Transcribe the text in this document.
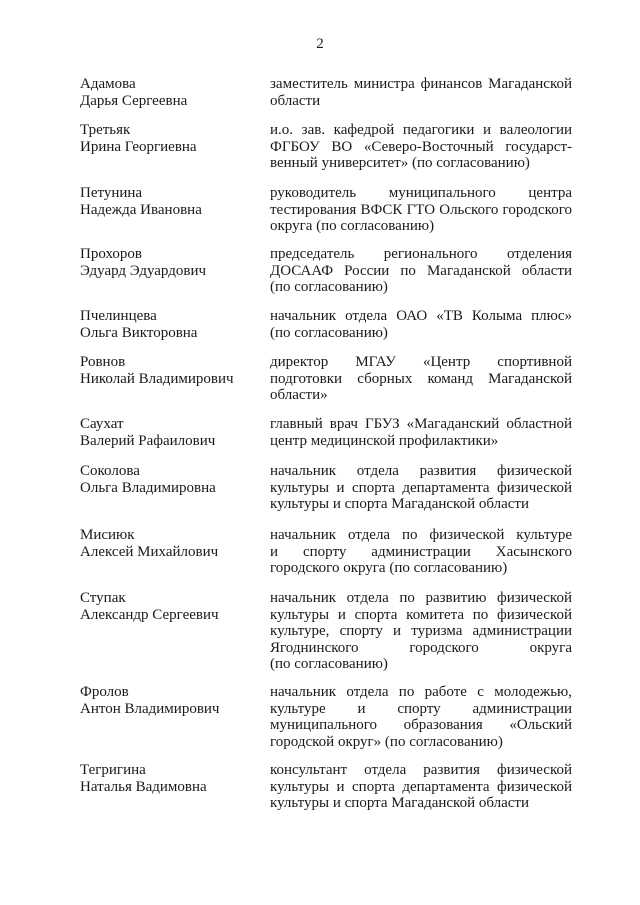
2
Адамова
Дарья Сергеевна
заместитель министра финансов Магаданской
области
Третьяк
Ирина Георгиевна
и.о. зав. кафедрой педагогики и валеологии
ФГБОУ ВО «Северо-Восточный государст-
венный университет» (по согласованию)
Петунина
Надежда Ивановна
руководитель муниципального центра
тестирования ВФСК ГТО Ольского городского
округа (по согласованию)
Прохоров
Эдуард Эдуардович
председатель регионального отделения
ДОСААФ России по Магаданской области
(по согласованию)
Пчелинцева
Ольга Викторовна
начальник отдела ОАО «ТВ Колыма плюс»
(по согласованию)
Ровнов
Николай Владимирович
директор МГАУ «Центр спортивной
подготовки сборных команд Магаданской
области»
Саухат
Валерий Рафаилович
главный врач ГБУЗ «Магаданский областной
центр медицинской профилактики»
Соколова
Ольга Владимировна
начальник отдела развития физической
культуры и спорта департамента физической
культуры и спорта Магаданской области
Мисиюк
Алексей Михайлович
начальник отдела по физической культуре
и спорту администрации Хасынского
городского округа (по согласованию)
Ступак
Александр Сергеевич
начальник отдела по развитию физической
культуры и спорта комитета по физической
культуре, спорту и туризма администрации
Ягоднинского городского округа
(по согласованию)
Фролов
Антон Владимирович
начальник отдела по работе с молодежью,
культуре и спорту администрации
муниципального образования «Ольский
городской округ» (по согласованию)
Тегригина
Наталья Вадимовна
консультант отдела развития физической
культуры и спорта департамента физической
культуры и спорта Магаданской области
